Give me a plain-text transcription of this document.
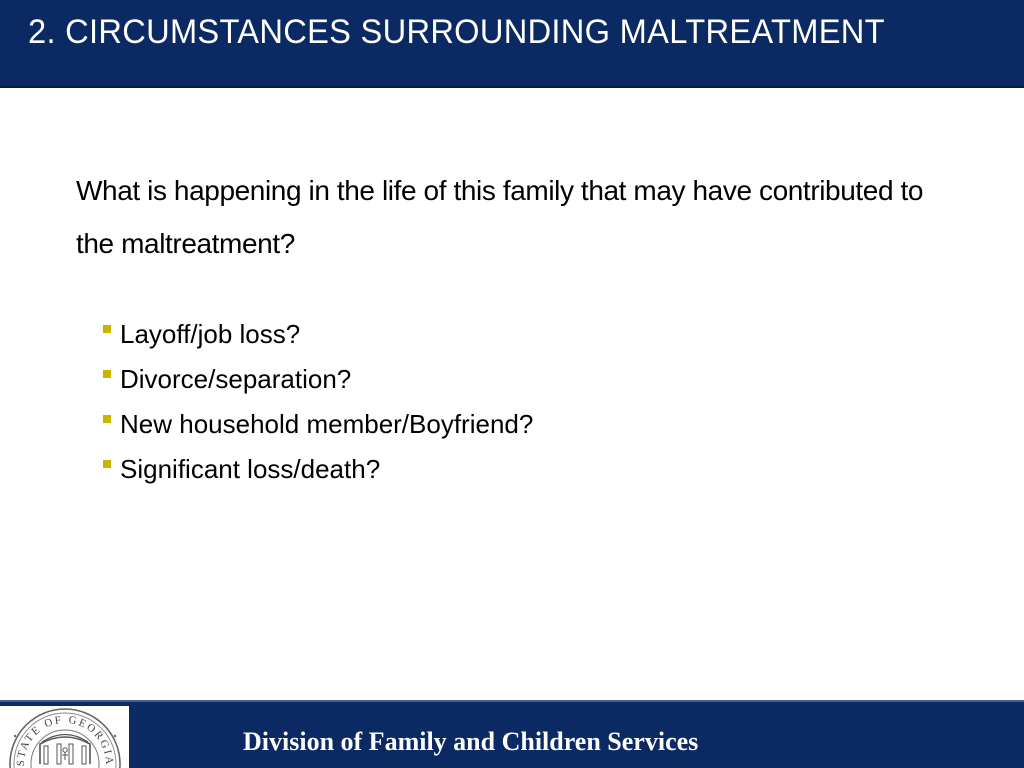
2. CIRCUMSTANCES SURROUNDING MALTREATMENT
What is happening in the life of this family that may have contributed to the maltreatment?
Layoff/job loss?
Divorce/separation?
New household member/Boyfriend?
Significant loss/death?
STATE OF GEORGIA
Division of Family and Children Services
